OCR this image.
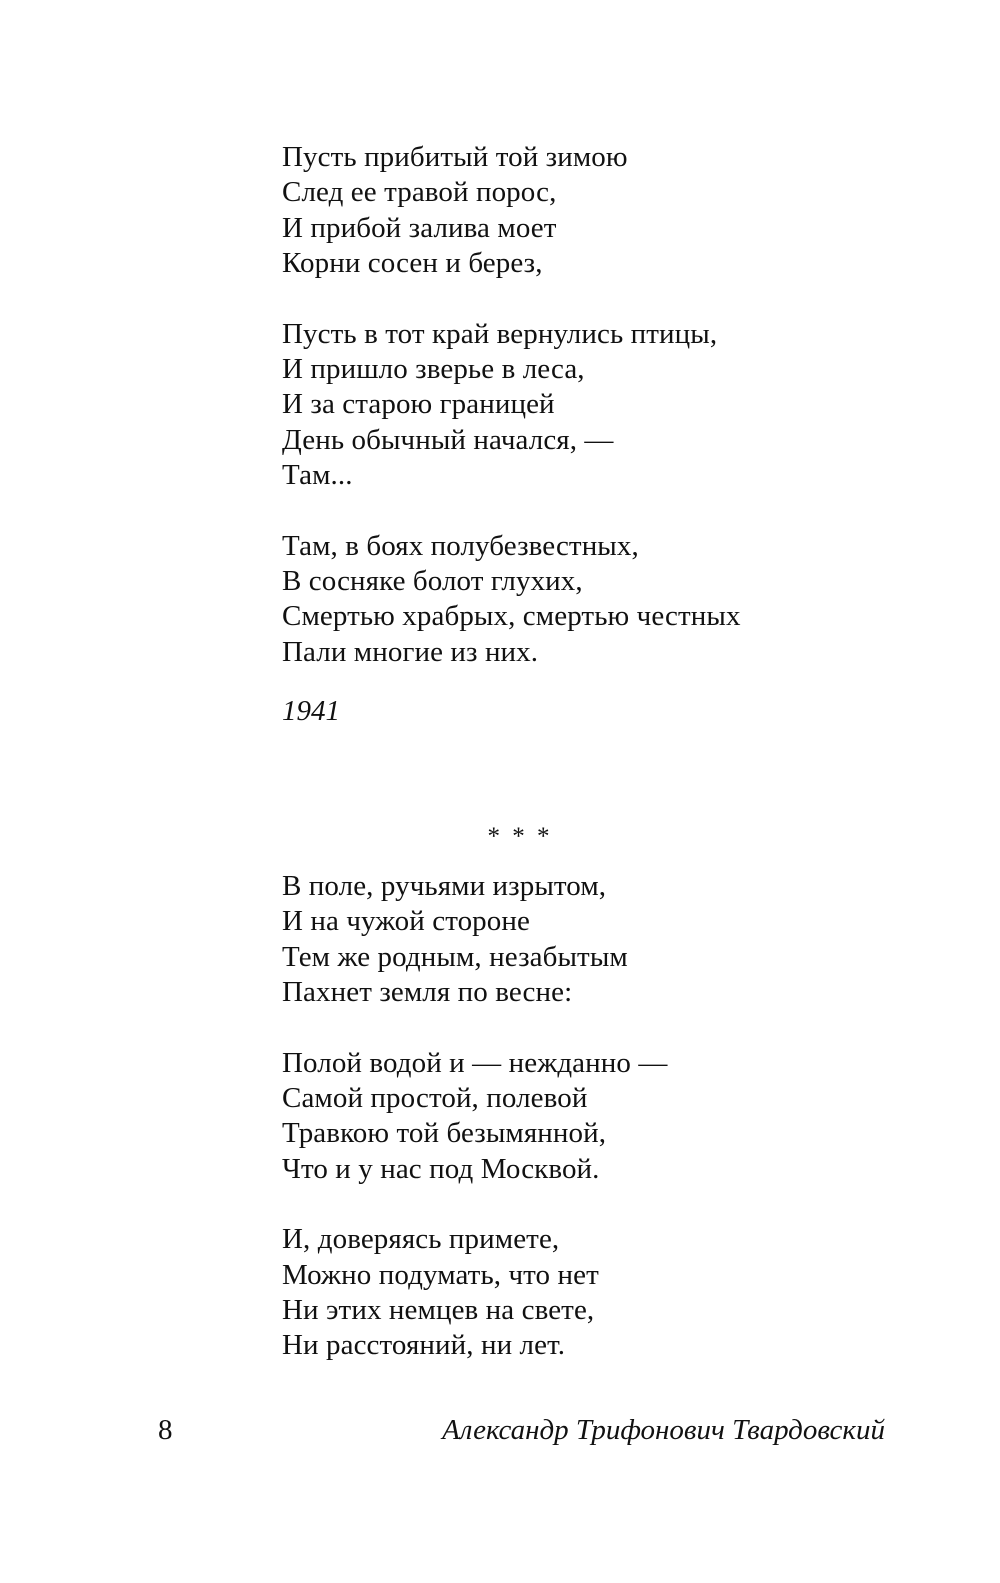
Пусть прибитый той зимою
След ее травой порос,
И прибой залива моет
Корни сосен и берез,
Пусть в тот край вернулись птицы,
И пришло зверье в леса,
И за старою границей
День обычный начался, —
Там...
Там, в боях полубезвестных,
В сосняке болот глухих,
Смертью храбрых, смертью честных
Пали многие из них.
1941
* * *
В поле, ручьями изрытом,
И на чужой стороне
Тем же родным, незабытым
Пахнет земля по весне:
Полой водой и — нежданно —
Самой простой, полевой
Травкою той безымянной,
Что и у нас под Москвой.
И, доверяясь примете,
Можно подумать, что нет
Ни этих немцев на свете,
Ни расстояний, ни лет.
8	Александр Трифонович Твардовский
